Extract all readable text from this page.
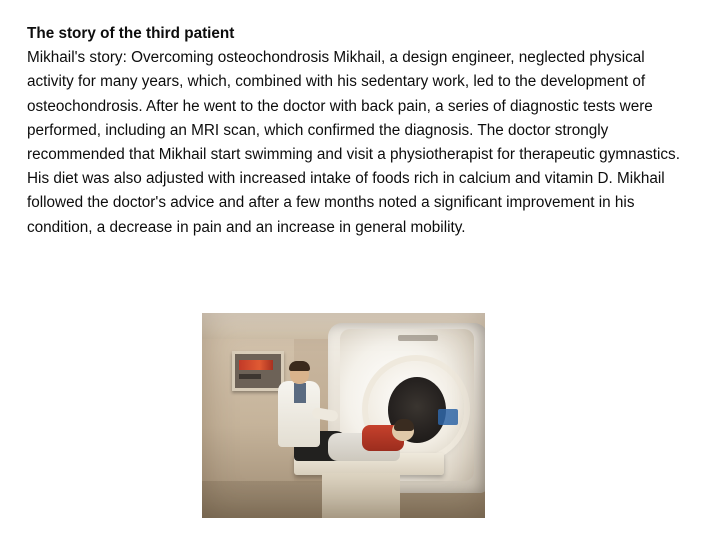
The story of the third patient
Mikhail's story: Overcoming osteochondrosis Mikhail, a design engineer, neglected physical activity for many years, which, combined with his sedentary work, led to the development of osteochondrosis. After he went to the doctor with back pain, a series of diagnostic tests were performed, including an MRI scan, which confirmed the diagnosis. The doctor strongly recommended that Mikhail start swimming and visit a physiotherapist for therapeutic gymnastics. His diet was also adjusted with increased intake of foods rich in calcium and vitamin D. Mikhail followed the doctor's advice and after a few months noted a significant improvement in his condition, a decrease in pain and an increase in general mobility.
